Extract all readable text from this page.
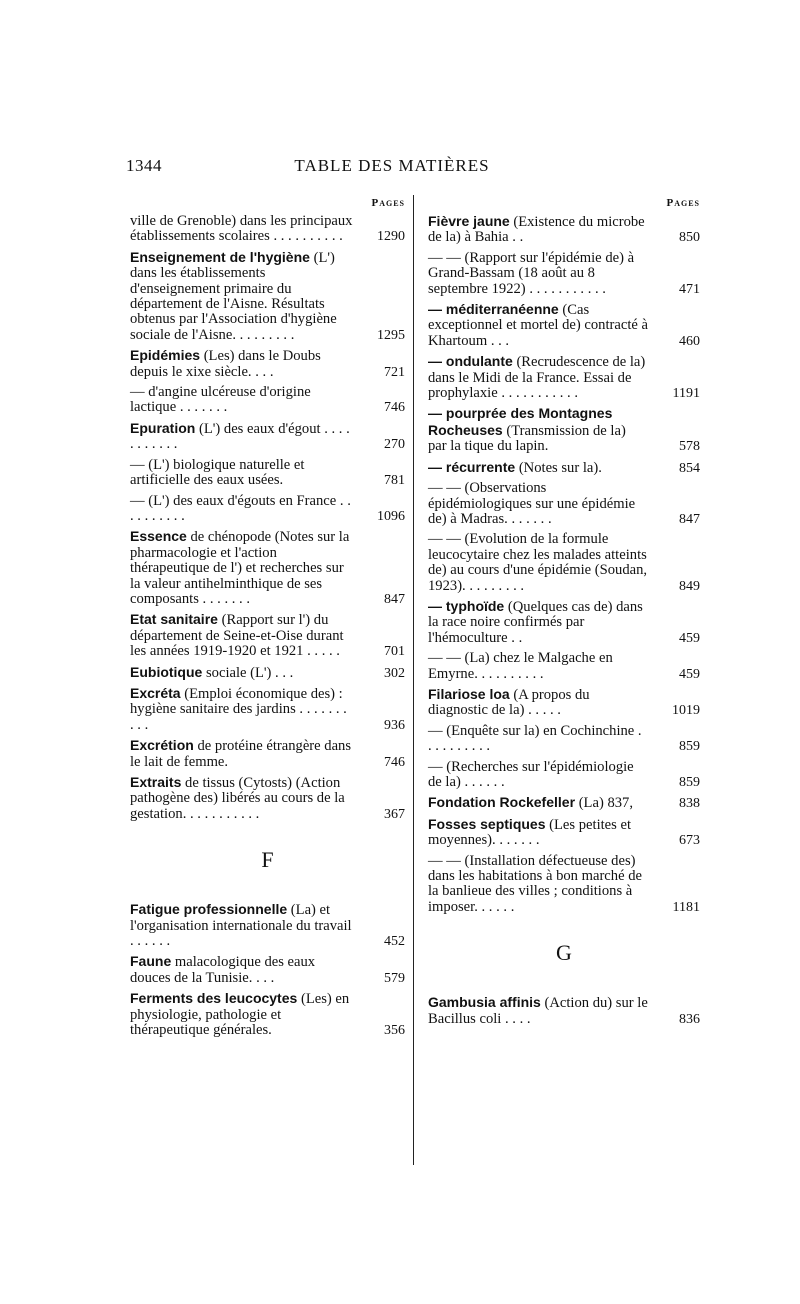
1344	TABLE DES MATIÈRES
Pages
ville de Grenoble) dans les principaux établissements scolaires . . . . . . . . . .	1290
Enseignement de l'hygiène (L') dans les établissements d'enseignement primaire du département de l'Aisne. Résultats obtenus par l'Association d'hygiène sociale de l'Aisne. . . . . . . . .	1295
Epidémies (Les) dans le Doubs depuis le xixe siècle. . . .	721
— d'angine ulcéreuse d'origine lactique . . . . . . .	746
Epuration (L') des eaux d'égout . . . . . . . . . . .	270
— (L') biologique naturelle et artificielle des eaux usées.	781
— (L') des eaux d'égouts en France . . . . . . . . . .	1096
Essence de chénopode (Notes sur la pharmacologie et l'action thérapeutique de l') et recherches sur la valeur antihelminthique de ses composants . . . . . . .	847
Etat sanitaire (Rapport sur l') du département de Seine-et-Oise durant les années 1919-1920 et 1921 . . . . .	701
Eubiotique sociale (L') . . .	302
Excréta (Emploi économique des) : hygiène sanitaire des jardins . . . . . . . . . .	936
Excrétion de protéine étrangère dans le lait de femme.	746
Extraits de tissus (Cytosts) (Action pathogène des) libérés au cours de la gestation. . . . . . . . . . .	367
F
Fatigue professionnelle (La) et l'organisation internationale du travail . . . . . .	452
Faune malacologique des eaux douces de la Tunisie. . . .	579
Ferments des leucocytes (Les) en physiologie, pathologie et thérapeutique générales.	356
Pages
Fièvre jaune (Existence du microbe de la) à Bahia . .	850
— — (Rapport sur l'épidémie de) à Grand-Bassam (18 août au 8 septembre 1922) . . . . . . . . . . .	471
— méditerranéenne (Cas exceptionnel et mortel de) contracté à Khartoum . . .	460
— ondulante (Recrudescence de la) dans le Midi de la France. Essai de prophylaxie . . . . . . . . . . .	1191
— pourprée des Montagnes Rocheuses (Transmission de la) par la tique du lapin.	578
— récurrente (Notes sur la).	854
— — (Observations épidémiologiques sur une épidémie de) à Madras. . . . . . .	847
— — (Evolution de la formule leucocytaire chez les malades atteints de) au cours d'une épidémie (Soudan, 1923). . . . . . . . .	849
— typhoïde (Quelques cas de) dans la race noire confirmés par l'hémoculture . .	459
— — (La) chez le Malgache en Emyrne. . . . . . . . . .	459
Filariose loa (A propos du diagnostic de la) . . . . .	1019
— (Enquête sur la) en Cochinchine . . . . . . . . . .	859
— (Recherches sur l'épidémiologie de la) . . . . . .	859
Fondation Rockefeller (La) 837,	838
Fosses septiques (Les petites et moyennes). . . . . . .	673
— — (Installation défectueuse des) dans les habitations à bon marché de la banlieue des villes ; conditions à imposer. . . . . .	1181
G
Gambusia affinis (Action du) sur le Bacillus coli . . . .	836
